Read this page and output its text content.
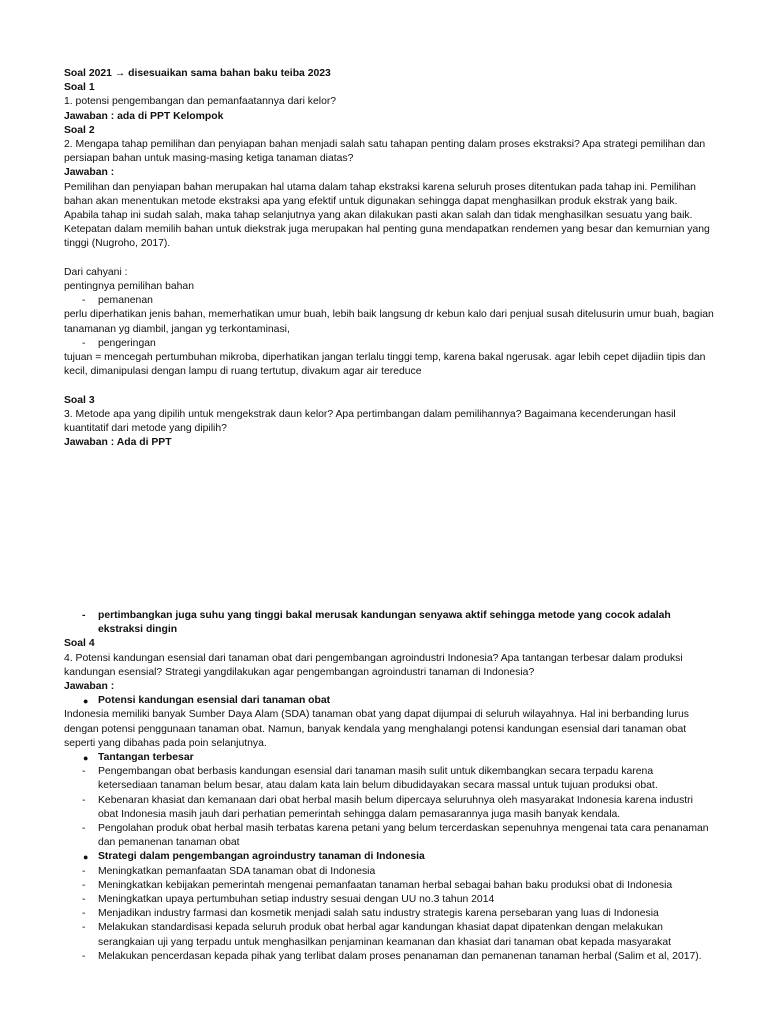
Soal 2021 → disesuaikan sama bahan baku teiba 2023

Soal 1

1. potensi pengembangan dan pemanfaatannya dari kelor?

Jawaban : ada di PPT Kelompok

Soal 2

2. Mengapa tahap pemilihan dan penyiapan bahan menjadi salah satu tahapan penting dalam proses ekstraksi? Apa strategi pemilihan dan persiapan bahan untuk masing-masing ketiga tanaman diatas?

Jawaban :

Pemilihan dan penyiapan bahan merupakan hal utama dalam tahap ekstraksi karena seluruh proses ditentukan pada tahap ini. Pemilihan bahan akan menentukan metode ekstraksi apa yang efektif untuk digunakan sehingga dapat menghasilkan produk ekstrak yang baik. Apabila tahap ini sudah salah, maka tahap selanjutnya yang akan dilakukan pasti akan salah dan tidak menghasilkan sesuatu yang baik. Ketepatan dalam memilih bahan untuk diekstrak juga merupakan hal penting guna mendapatkan rendemen yang besar dan kemurnian yang tinggi (Nugroho, 2017).

Dari cahyani :

pentingnya pemilihan bahan

- pemanenan

perlu diperhatikan jenis bahan, memerhatikan umur buah, lebih baik langsung dr kebun kalo dari penjual susah ditelusurin umur buah, bagian tanamanan yg diambil, jangan yg terkontaminasi,

- pengeringan

tujuan = mencegah pertumbuhan mikroba, diperhatikan jangan terlalu tinggi temp, karena bakal ngerusak. agar lebih cepet dijadiin tipis dan kecil, dimanipulasi dengan lampu di ruang tertutup, divakum agar air tereduce

Soal 3

3. Metode apa yang dipilih untuk mengekstrak daun kelor? Apa pertimbangan dalam pemilihannya? Bagaimana kecenderungan hasil kuantitatif dari metode yang dipilih?

Jawaban : Ada di PPT

- pertimbangkan juga suhu yang tinggi bakal merusak kandungan senyawa aktif sehingga metode yang cocok adalah ekstraksi dingin

Soal 4

4. Potensi kandungan esensial dari tanaman obat dari pengembangan agroindustri Indonesia? Apa tantangan terbesar dalam produksi kandungan esensial? Strategi yangdilakukan agar pengembangan agroindustri tanaman di Indonesia?

Jawaban :

● Potensi kandungan esensial dari tanaman obat

Indonesia memiliki banyak Sumber Daya Alam (SDA) tanaman obat yang dapat dijumpai di seluruh wilayahnya. Hal ini berbanding lurus dengan potensi penggunaan tanaman obat. Namun, banyak kendala yang menghalangi potensi kandungan esensial dari tanaman obat seperti yang dibahas pada poin selanjutnya.

● Tantangan terbesar
- Pengembangan obat berbasis kandungan esensial dari tanaman masih sulit untuk dikembangkan secara terpadu karena ketersediaan tanaman belum besar, atau dalam kata lain belum dibudidayakan secara massal untuk tujuan produksi obat.
- Kebenaran khasiat dan kemanaan dari obat herbal masih belum dipercaya seluruhnya oleh masyarakat Indonesia karena industri obat Indonesia masih jauh dari perhatian pemerintah sehingga dalam pemasarannya juga masih banyak kendala.
- Pengolahan produk obat herbal masih terbatas karena petani yang belum tercerdaskan sepenuhnya mengenai tata cara penanaman dan pemanenan tanaman obat
● Strategi dalam pengembangan agroindustry tanaman di Indonesia
- Meningkatkan pemanfaatan SDA tanaman obat di Indonesia
- Meningkatkan kebijakan pemerintah mengenai pemanfaatan tanaman herbal sebagai bahan baku produksi obat di Indonesia
- Meningkatkan upaya pertumbuhan setiap industry sesuai dengan UU no.3 tahun 2014
- Menjadikan industry farmasi dan kosmetik menjadi salah satu industry strategis karena persebaran yang luas di Indonesia
- Melakukan standardisasi kepada seluruh produk obat herbal agar kandungan khasiat dapat dipatenkan dengan melakukan serangkaian uji yang terpadu untuk menghasilkan penjaminan keamanan dan khasiat dari tanaman obat kepada masyarakat
- Melakukan pencerdasan kepada pihak yang terlibat dalam proses penanaman dan pemanenan tanaman herbal (Salim et al, 2017).
